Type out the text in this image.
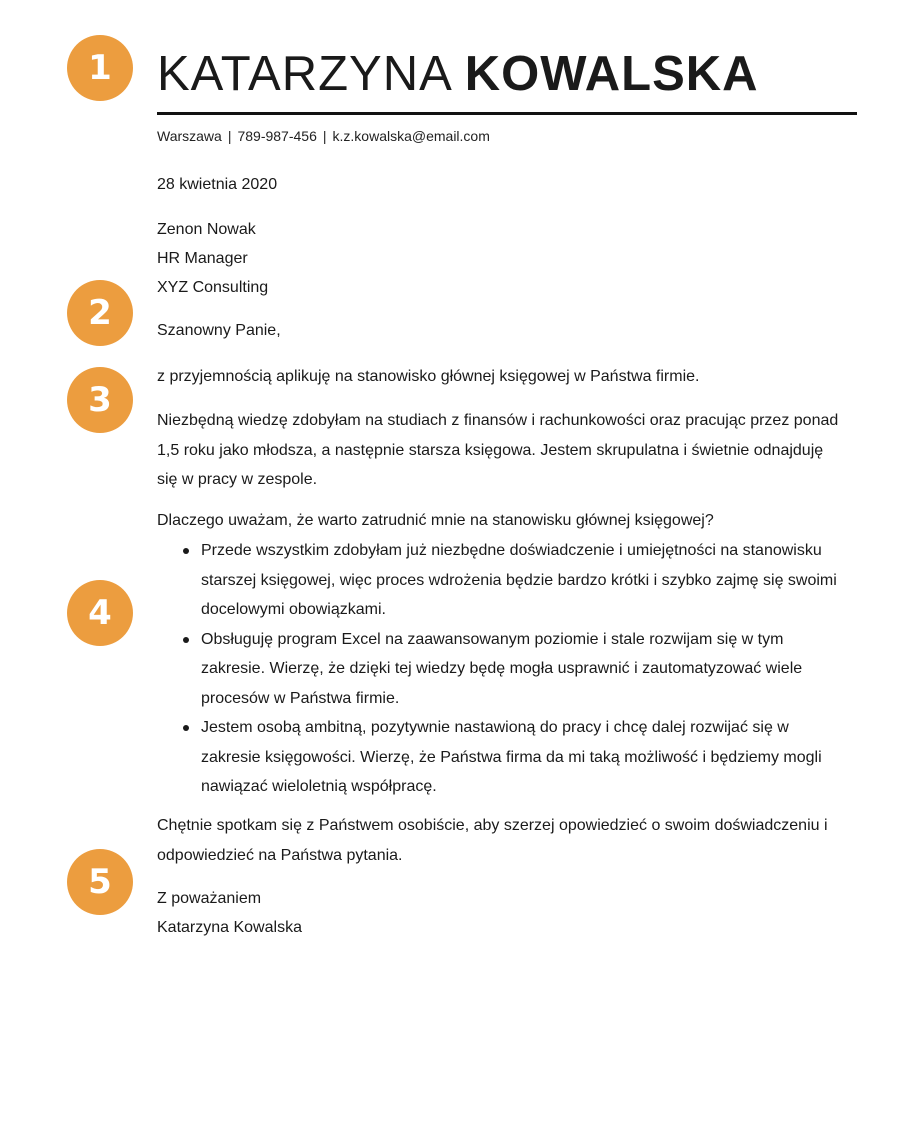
1
2
3
4
5
KATARZYNA KOWALSKA
Warszawa | 789-987-456 | k.z.kowalska@email.com
28 kwietnia 2020
Zenon Nowak
HR Manager
XYZ Consulting
Szanowny Panie,
z przyjemnością aplikuję na stanowisko głównej księgowej w Państwa firmie.
Niezbędną wiedzę zdobyłam na studiach z finansów i rachunkowości oraz pracując przez ponad 1,5 roku jako młodsza, a następnie starsza księgowa. Jestem skrupulatna i świetnie odnajduję się w pracy w zespole.
Dlaczego uważam, że warto zatrudnić mnie na stanowisku głównej księgowej?
Przede wszystkim zdobyłam już niezbędne doświadczenie i umiejętności na stanowisku starszej księgowej, więc proces wdrożenia będzie bardzo krótki i szybko zajmę się swoimi docelowymi obowiązkami.
Obsługuję program Excel na zaawansowanym poziomie i stale rozwijam się w tym zakresie. Wierzę, że dzięki tej wiedzy będę mogła usprawnić i zautomatyzować wiele procesów w Państwa firmie.
Jestem osobą ambitną, pozytywnie nastawioną do pracy i chcę dalej rozwijać się w zakresie księgowości. Wierzę, że Państwa firma da mi taką możliwość i będziemy mogli nawiązać wieloletnią współpracę.
Chętnie spotkam się z Państwem osobiście, aby szerzej opowiedzieć o swoim doświadczeniu i odpowiedzieć na Państwa pytania.
Z poważaniem
Katarzyna Kowalska
